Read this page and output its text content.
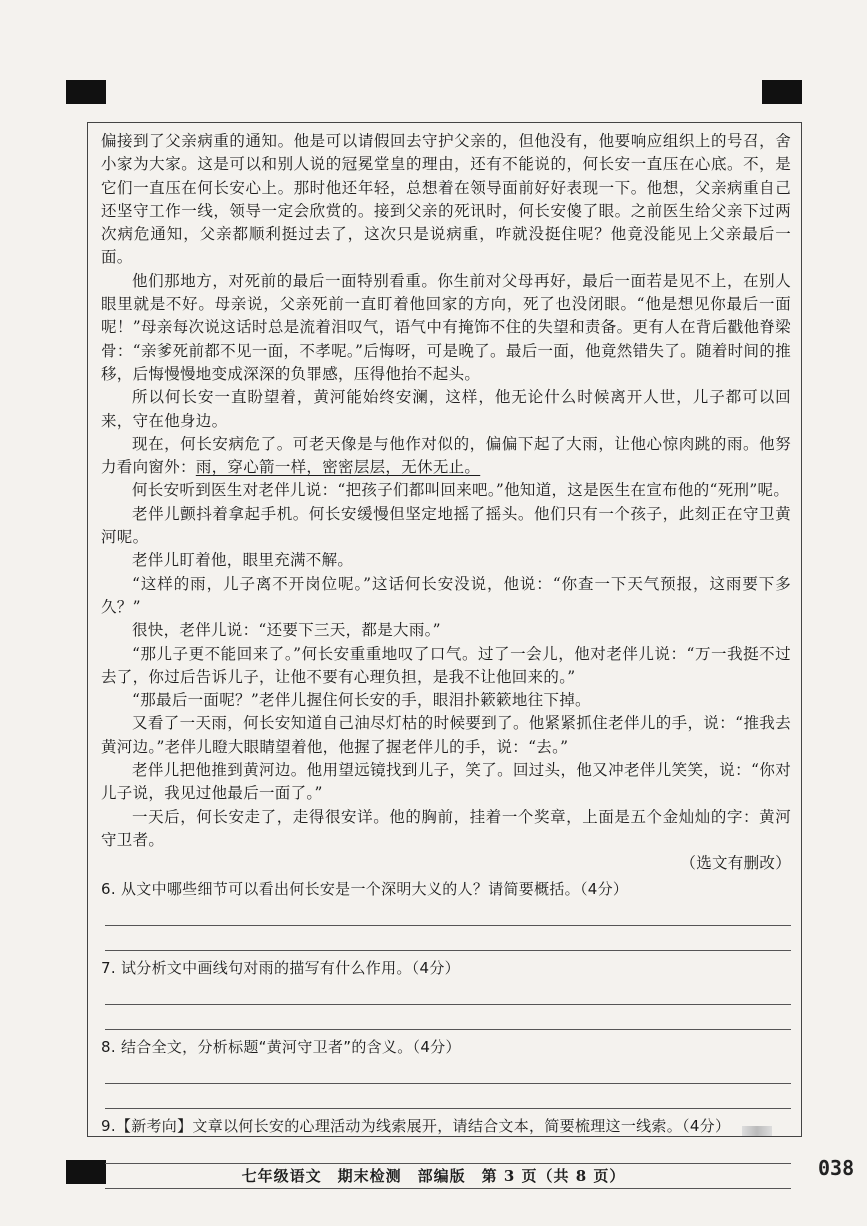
偏接到了父亲病重的通知。他是可以请假回去守护父亲的，但他没有，他要响应组织上的号召，舍小家为大家。这是可以和别人说的冠冕堂皇的理由，还有不能说的，何长安一直压在心底。不，是它们一直压在何长安心上。那时他还年轻，总想着在领导面前好好表现一下。他想，父亲病重自己还坚守工作一线，领导一定会欣赏的。接到父亲的死讯时，何长安傻了眼。之前医生给父亲下过两次病危通知，父亲都顺利挺过去了，这次只是说病重，咋就没挺住呢？他竟没能见上父亲最后一面。

他们那地方，对死前的最后一面特别看重。你生前对父母再好，最后一面若是见不上，在别人眼里就是不好。母亲说，父亲死前一直盯着他回家的方向，死了也没闭眼。“他是想见你最后一面呢！”母亲每次说这话时总是流着泪叹气，语气中有掩饰不住的失望和责备。更有人在背后戳他脊梁骨：“亲爹死前都不见一面，不孝呢。”后悔呀，可是晚了。最后一面，他竟然错失了。随着时间的推移，后悔慢慢地变成深深的负罪感，压得他抬不起头。

所以何长安一直盼望着，黄河能始终安澜，这样，他无论什么时候离开人世，儿子都可以回来，守在他身边。

现在，何长安病危了。可老天像是与他作对似的，偏偏下起了大雨，让他心惊肉跳的雨。他努力看向窗外：雨，穿心箭一样，密密层层，无休无止。

何长安听到医生对老伴儿说：“把孩子们都叫回来吧。”他知道，这是医生在宣布他的“死刑”呢。

老伴儿颤抖着拿起手机。何长安缓慢但坚定地摇了摇头。他们只有一个孩子，此刻正在守卫黄河呢。

老伴儿盯着他，眼里充满不解。

“这样的雨，儿子离不开岗位呢。”这话何长安没说，他说：“你查一下天气预报，这雨要下多久？”

很快，老伴儿说：“还要下三天，都是大雨。”

“那儿子更不能回来了。”何长安重重地叹了口气。过了一会儿，他对老伴儿说：“万一我挺不过去了，你过后告诉儿子，让他不要有心理负担，是我不让他回来的。”

“那最后一面呢？”老伴儿握住何长安的手，眼泪扑簌簌地往下掉。

又看了一天雨，何长安知道自己油尽灯枯的时候要到了。他紧紧抓住老伴儿的手，说：“推我去黄河边。”老伴儿瞪大眼睛望着他，他握了握老伴儿的手，说：“去。”

老伴儿把他推到黄河边。他用望远镜找到儿子，笑了。回过头，他又冲老伴儿笑笑，说：“你对儿子说，我见过他最后一面了。”

一天后，何长安走了，走得很安详。他的胸前，挂着一个奖章，上面是五个金灿灿的字：黄河守卫者。

（选文有删改）
6. 从文中哪些细节可以看出何长安是一个深明大义的人？请简要概括。（4分）
7. 试分析文中画线句对雨的描写有什么作用。（4分）
8. 结合全文，分析标题“黄河守卫者”的含义。（4分）
9.【新考向】文章以何长安的心理活动为线索展开，请结合文本，简要梳理这一线索。（4分）
七年级语文　期末检测　部编版　第 3 页（共 8 页）	038
